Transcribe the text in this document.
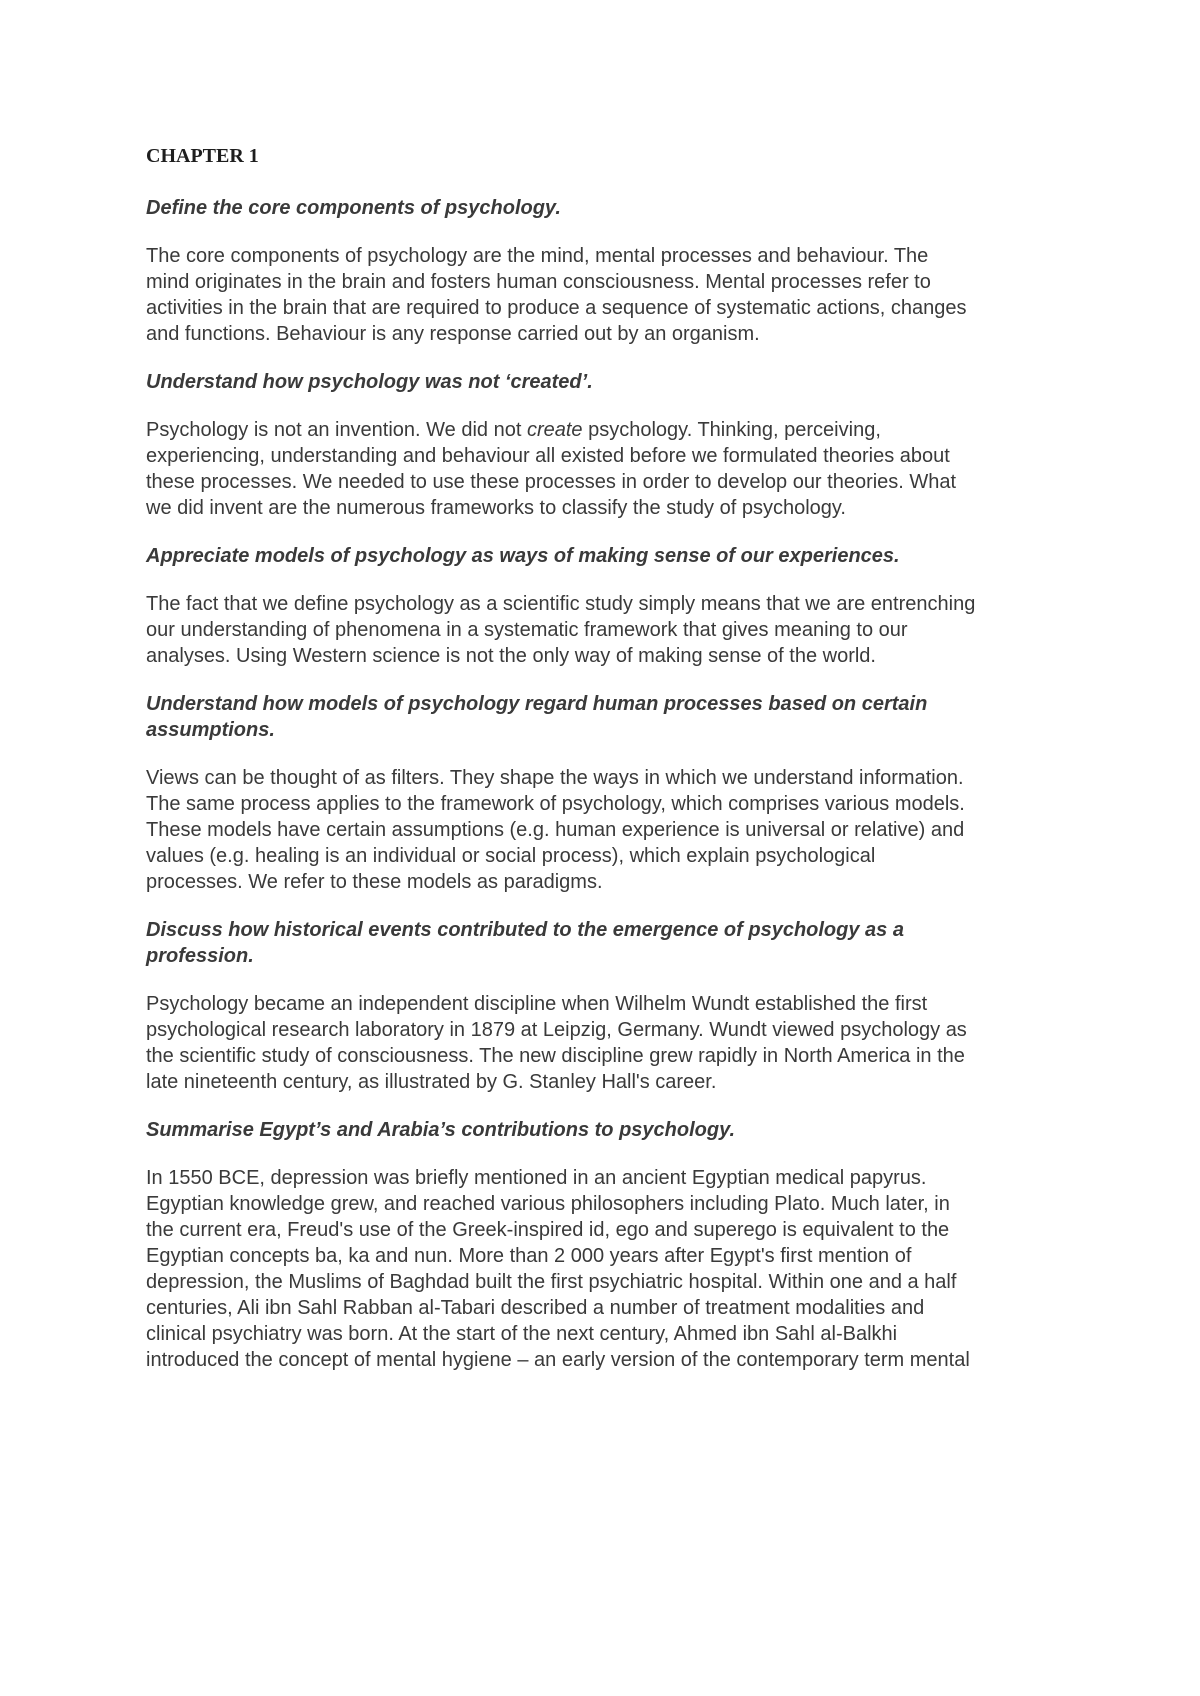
CHAPTER 1
Define the core components of psychology.
The core components of psychology are the mind, mental processes and behaviour. The mind originates in the brain and fosters human consciousness. Mental processes refer to activities in the brain that are required to produce a sequence of systematic actions, changes and functions. Behaviour is any response carried out by an organism.
Understand how psychology was not ‘created’.
Psychology is not an invention. We did not create psychology. Thinking, perceiving, experiencing, understanding and behaviour all existed before we formulated theories about these processes. We needed to use these processes in order to develop our theories. What we did invent are the numerous frameworks to classify the study of psychology.
Appreciate models of psychology as ways of making sense of our experiences.
The fact that we define psychology as a scientific study simply means that we are entrenching our understanding of phenomena in a systematic framework that gives meaning to our analyses. Using Western science is not the only way of making sense of the world.
Understand how models of psychology regard human processes based on certain assumptions.
Views can be thought of as filters. They shape the ways in which we understand information. The same process applies to the framework of psychology, which comprises various models. These models have certain assumptions (e.g. human experience is universal or relative) and values (e.g. healing is an individual or social process), which explain psychological processes. We refer to these models as paradigms.
Discuss how historical events contributed to the emergence of psychology as a profession.
Psychology became an independent discipline when Wilhelm Wundt established the first psychological research laboratory in 1879 at Leipzig, Germany. Wundt viewed psychology as the scientific study of consciousness. The new discipline grew rapidly in North America in the late nineteenth century, as illustrated by G. Stanley Hall's career.
Summarise Egypt’s and Arabia’s contributions to psychology.
In 1550 BCE, depression was briefly mentioned in an ancient Egyptian medical papyrus. Egyptian knowledge grew, and reached various philosophers including Plato. Much later, in the current era, Freud's use of the Greek-inspired id, ego and superego is equivalent to the Egyptian concepts ba, ka and nun. More than 2 000 years after Egypt's first mention of depression, the Muslims of Baghdad built the first psychiatric hospital. Within one and a half centuries, Ali ibn Sahl Rabban al-Tabari described a number of treatment modalities and clinical psychiatry was born. At the start of the next century, Ahmed ibn Sahl al-Balkhi introduced the concept of mental hygiene – an early version of the contemporary term mental
